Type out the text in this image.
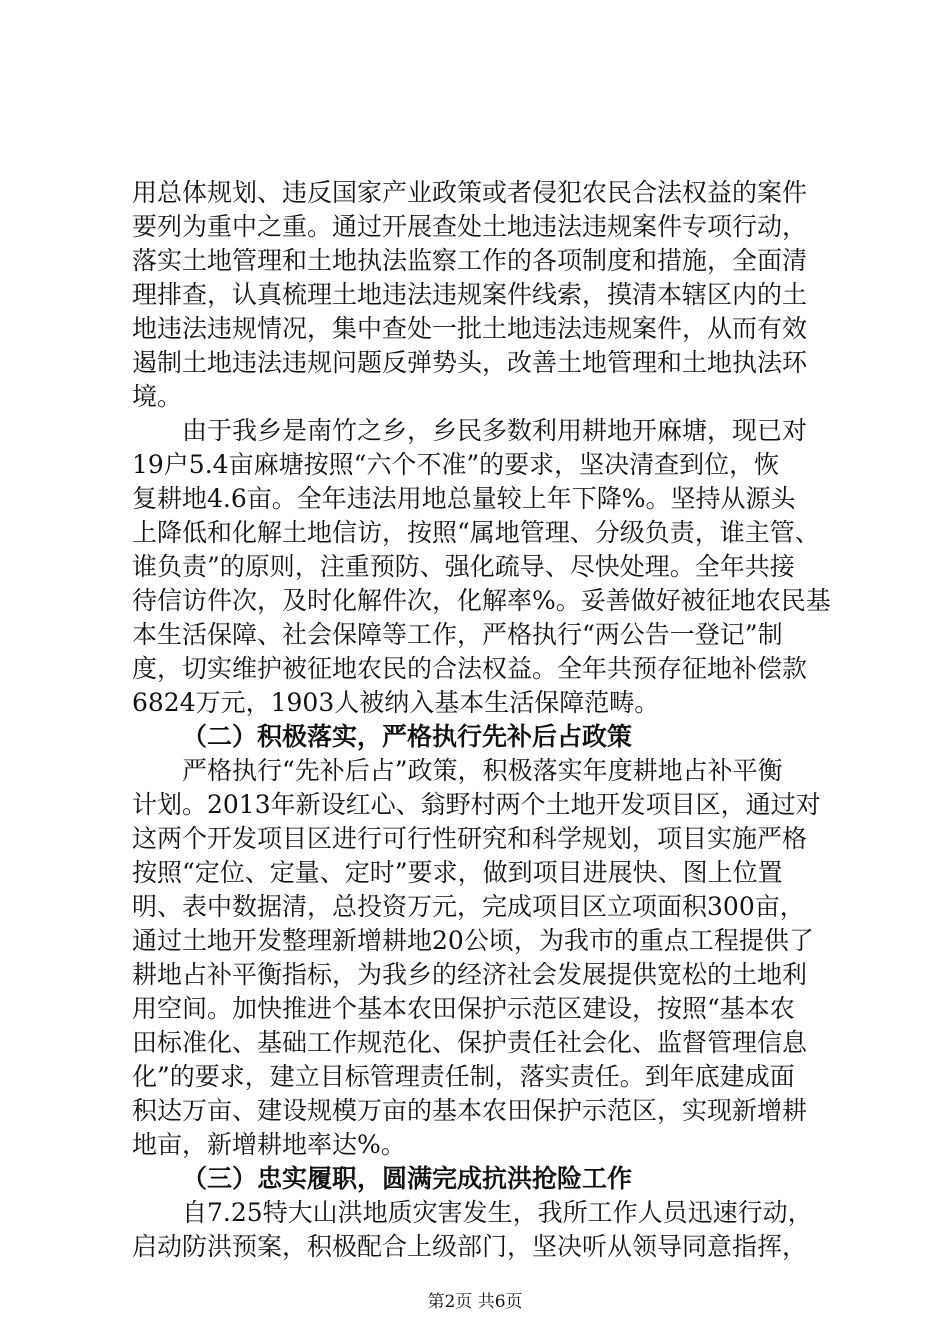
用总体规划、违反国家产业政策或者侵犯农民合法权益的案件
要列为重中之重。通过开展查处土地违法违规案件专项行动，
落实土地管理和土地执法监察工作的各项制度和措施，全面清
理排查，认真梳理土地违法违规案件线索，摸清本辖区内的土
地违法违规情况，集中查处一批土地违法违规案件，从而有效
遏制土地违法违规问题反弹势头，改善土地管理和土地执法环
境。
由于我乡是南竹之乡，乡民多数利用耕地开麻塘，现已对
19户5.4亩麻塘按照“六个不准”的要求，坚决清查到位，恢
复耕地4.6亩。全年违法用地总量较上年下降%。坚持从源头
上降低和化解土地信访，按照“属地管理、分级负责，谁主管、
谁负责”的原则，注重预防、强化疏导、尽快处理。全年共接
待信访件次，及时化解件次，化解率%。妥善做好被征地农民基
本生活保障、社会保障等工作，严格执行“两公告一登记”制
度，切实维护被征地农民的合法权益。全年共预存征地补偿款
6824万元，1903人被纳入基本生活保障范畴。
（二）积极落实，严格执行先补后占政策
严格执行“先补后占”政策，积极落实年度耕地占补平衡
计划。2013年新设红心、翁野村两个土地开发项目区，通过对
这两个开发项目区进行可行性研究和科学规划，项目实施严格
按照“定位、定量、定时”要求，做到项目进展快、图上位置
明、表中数据清，总投资万元，完成项目区立项面积300亩，
通过土地开发整理新增耕地20公顷，为我市的重点工程提供了
耕地占补平衡指标，为我乡的经济社会发展提供宽松的土地利
用空间。加快推进个基本农田保护示范区建设，按照“基本农
田标准化、基础工作规范化、保护责任社会化、监督管理信息
化”的要求，建立目标管理责任制，落实责任。到年底建成面
积达万亩、建设规模万亩的基本农田保护示范区，实现新增耕
地亩，新增耕地率达%。
（三）忠实履职，圆满完成抗洪抢险工作
自7.25特大山洪地质灾害发生，我所工作人员迅速行动，
启动防洪预案，积极配合上级部门，坚决听从领导同意指挥，
第2页 共6页
